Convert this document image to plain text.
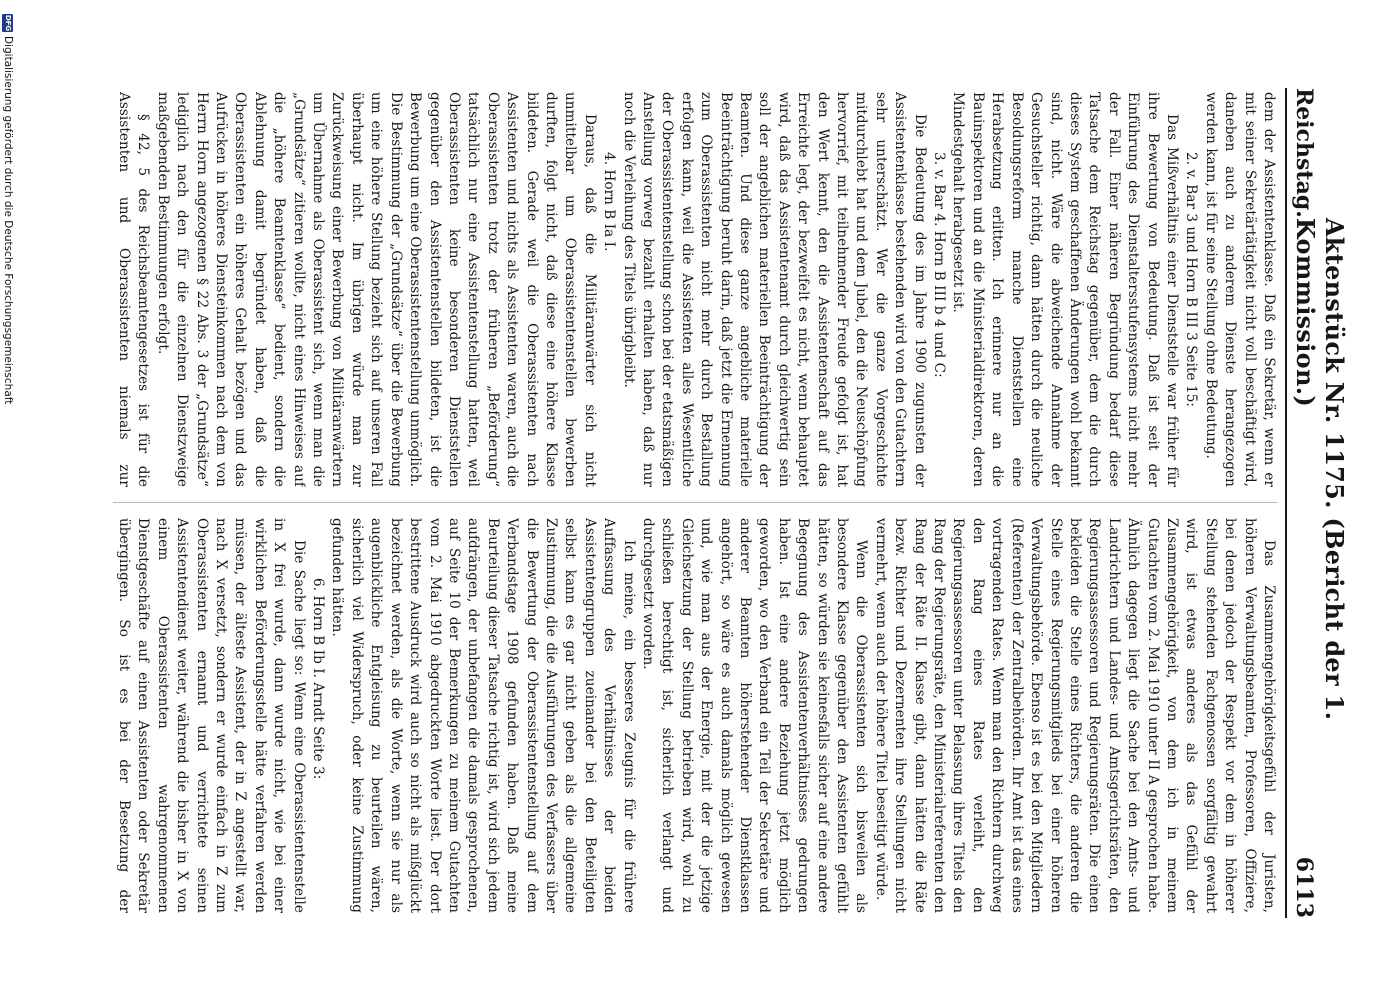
Reichstag.
Aktenstück Nr. 1175. (Bericht der 1. Kommission.)
6113

dem der Assistentenklasse. Daß ein Sekretär, wenn er mit seiner Sekretärtätigkeit nicht voll beschäftigt wird, daneben auch zu anderem Dienste herangezogen werden kann, ist für seine Stellung ohne Bedeutung.

2. v. Bar 3 und Horn B III 3 Seite 15:

Das Mißverhältnis einer Dienststelle war früher für ihre Bewertung von Bedeutung. Daß ist seit der Einführung des Dienstaltersstufensystems nicht mehr der Fall. Einer näheren Begründung bedarf diese Tatsache dem Reichstag gegenüber, dem die durch dieses System geschaffenen Änderungen wohl bekannt sind, nicht. Wäre die abweichende Annahme der Gesuchsteller richtig, dann hätten durch die neuliche Besoldungsreform manche Dienststellen eine Herabsetzung erlitten. Ich erinnere nur an die Bauinspektoren und an die Ministerialdirektoren, deren Mindestgehalt herabgesetzt ist.

3. v. Bar 4. Horn B III b 4 und C:

Die Bedeutung des im Jahre 1900 zugunsten der Assistentenklasse bestehenden wird von den Gutachtern sehr unterschätzt. Wer die ganze Vorgeschichte mitdurchlebt hat und dem Jubel, den die Neuschöpfung hervorrief, mit teilnehmender Freude gefolgt ist, hat den Wert kennt, den die Assistentenschaft auf das Erreichte legt, der bezweifelt es nicht, wenn behauptet wird, daß das Assistentenamt durch gleichwertig sein soll der angeblichen materiellen Beeinträchtigung der Beamten. Und diese ganze angebliche materielle Beeinträchtigung beruht darin, daß jetzt die Ernennung zum Oberassistenten nicht mehr durch Bestallung erfolgen kann, weil die Assistenten alles Wesentliche der Oberassistentenstellung schon bei der etatsmäßigen Anstellung vorweg bezahlt erhalten haben, daß nur noch die Verleihung des Titels übrigbleibt.

4. Horn B Ia I.

Daraus, daß die Militäranwärter sich nicht unmittelbar um Oberassistentenstellen bewerben durften, folgt nicht, daß diese eine höhere Klasse bildeten. Gerade weil die Oberassistenten nach Assistenten und nichts als Assistenten waren, auch die Oberassistenten trotz der früheren „Beförderung“ tatsächlich nur eine Assistentenstellung hatten, weil Oberassistenten keine besonderen Dienststellen gegenüber den Assistentenstellen bildeten, ist die Bewerbung um eine Oberassistentenstellung unmöglich. Die Bestimmung der „Grundsätze“ über die Bewerbung um eine höhere Stellung bezieht sich auf unseren Fall überhaupt nicht. Im übrigen würde man zur Zurückweisung einer Bewerbung von Militäranwärtern um Übernahme als Oberassistent sich, wenn man die „Grundsätze“ zitieren wollte, nicht eines Hinweises auf die „höhere Beamtenklasse“ bedient, sondern die Ablehnung damit begründet haben, daß die Oberassistenten ein höheres Gehalt bezögen und das Aufrücken in höheres Diensteinkommen nach dem von Herrn Horn angezogenen § 22 Abs. 3 der „Grundsätze“ lediglich nach den für die einzelnen Dienstzweige maßgebenden Bestimmungen erfolgt.

§ 42, 5 des Reichsbeamtengesetzes ist für die Assistenten und Oberassistenten niemals zur

Das Zusammengehörigkeitsgefühl der Juristen, höheren Verwaltungsbeamten, Professoren, Offiziere, bei denen jedoch der Respekt vor dem in höherer Stellung stehenden Fachgenossen sorgfältig gewahrt wird, ist etwas anderes als das Gefühl der Zusammengehörigkeit, von dem ich in meinem Gutachten vom 2. Mai 1910 unter II A gesprochen habe. Ähnlich dagegen liegt die Sache bei den Amts- und Landrichtern und Landes- und Amtsgerichtsräten, den Regierungsassessoren und Regierungsräten. Die einen bekleiden die Stelle eines Richters, die anderen die Stelle eines Regierungsmitglieds bei einer höheren Verwaltungsbehörde. Ebenso ist es bei den Mitgliedern (Referenten) der Zentralbehörden. Ihr Amt ist das eines vortragenden Rates. Wenn man den Richtern durchweg den Rang eines Rates verleiht, den Regierungsassessoren unter Belassung ihres Titels den Rang der Regierungsräte, den Ministerialreferenten den Rang der Räte II. Klasse gibt, dann hätten die Räte bezw. Richter und Dezernenten ihre Stellungen nicht vermehrt, wenn auch der höhere Titel beseitigt würde.

Wenn die Oberassistenten sich bisweilen als besondere Klasse gegenüber den Assistenten gefühlt hätten, so würden sie keinesfalls sicher auf eine andere Begegnung des Assistentenverhältnisses gedrungen haben. Ist eine andere Beziehung jetzt möglich geworden, wo den Verband ein Teil der Sekretäre und anderer Beamten höherstehender Dienstklassen angehört, so wäre es auch damals möglich gewesen und, wie man aus der Energie, mit der die jetzige Gleichsetzung der Stellung betrieben wird, wohl zu schließen berechtigt ist, sicherlich verlangt und durchgesetzt worden.

Ich meine, ein besseres Zeugnis für die frühere Auffassung des Verhältnisses der beiden Assistentengruppen zueinander bei den Beteiligten selbst kann es gar nicht geben als die allgemeine Zustimmung, die die Ausführungen des Verfassers über die Bewertung der Oberassistentenstellung auf dem Verbandstage 1908 gefunden haben. Daß meine Beurteilung dieser Tatsache richtig ist, wird sich jedem aufdrängen, der unbefangen die damals gesprochenen, auf Seite 10 der Bemerkungen zu meinem Gutachten vom 2. Mai 1910 abgedruckten Worte liest. Der dort bestrittene Ausdruck wird auch so nicht als mißglückt bezeichnet werden, als die Worte, wenn sie nur als augenblickliche Entgleisung zu beurteilen wären, sicherlich viel Widerspruch, oder keine Zustimmung gefunden hätten.

6. Horn B Ib I. Arndt Seite 3:

Die Sache liegt so: Wenn eine Oberassistentenstelle in X frei wurde, dann wurde nicht, wie bei einer wirklichen Beförderungsstelle hätte verfahren werden müssen, der älteste Assistent, der in Z angestellt war, nach X versetzt, sondern er wurde einfach in Z zum Oberassistenten ernannt und verrichtete seinen Assistentendienst weiter, während die bisher in X von einem Oberassistenten wahrgenommenen Dienstgeschäfte auf einen Assistenten oder Sekretär übergingen. So ist es bei der Besetzung der

DFG
Digitalisierung gefördert durch die Deutsche Forschungsgemeinschaft
